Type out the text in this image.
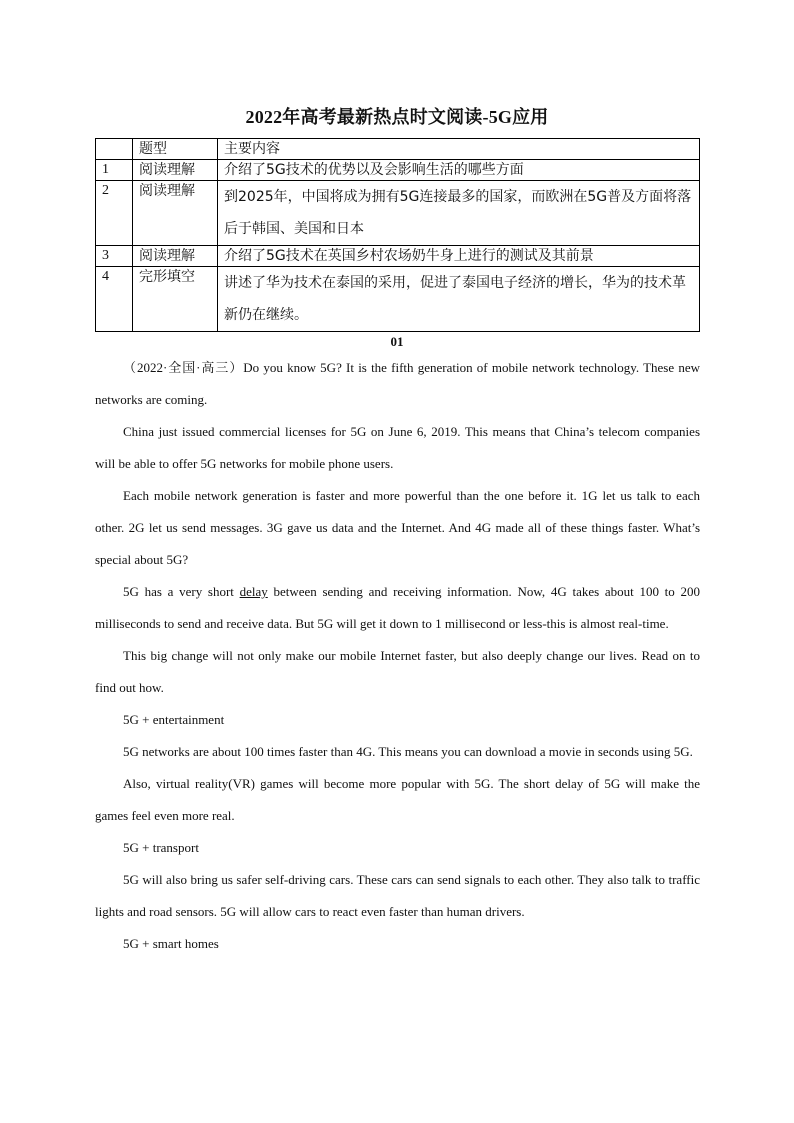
2022年高考最新热点时文阅读-5G应用
	题型	主要内容
1	阅读理解	介绍了5G技术的优势以及会影响生活的哪些方面
2	阅读理解	到2025年，中国将成为拥有5G连接最多的国家，而欧洲在5G普及方面将落后于韩国、美国和日本
3	阅读理解	介绍了5G技术在英国乡村农场奶牛身上进行的测试及其前景
4	完形填空	讲述了华为技术在泰国的采用，促进了泰国电子经济的增长，华为的技术革新仍在继续。
01

（2022·全国·高三）Do you know 5G? It is the fifth generation of mobile network technology. These new networks are coming.

China just issued commercial licenses for 5G on June 6, 2019. This means that China’s telecom companies will be able to offer 5G networks for mobile phone users.

Each mobile network generation is faster and more powerful than the one before it. 1G let us talk to each other. 2G let us send messages. 3G gave us data and the Internet. And 4G made all of these things faster. What’s special about 5G?

5G has a very short delay between sending and receiving information. Now, 4G takes about 100 to 200 milliseconds to send and receive data. But 5G will get it down to 1 millisecond or less-this is almost real-time.

This big change will not only make our mobile Internet faster, but also deeply change our lives. Read on to find out how.

5G + entertainment

5G networks are about 100 times faster than 4G. This means you can download a movie in seconds using 5G.

Also, virtual reality(VR) games will become more popular with 5G. The short delay of 5G will make the games feel even more real.

5G + transport

5G will also bring us safer self-driving cars. These cars can send signals to each other. They also talk to traffic lights and road sensors. 5G will allow cars to react even faster than human drivers.

5G + smart homes
